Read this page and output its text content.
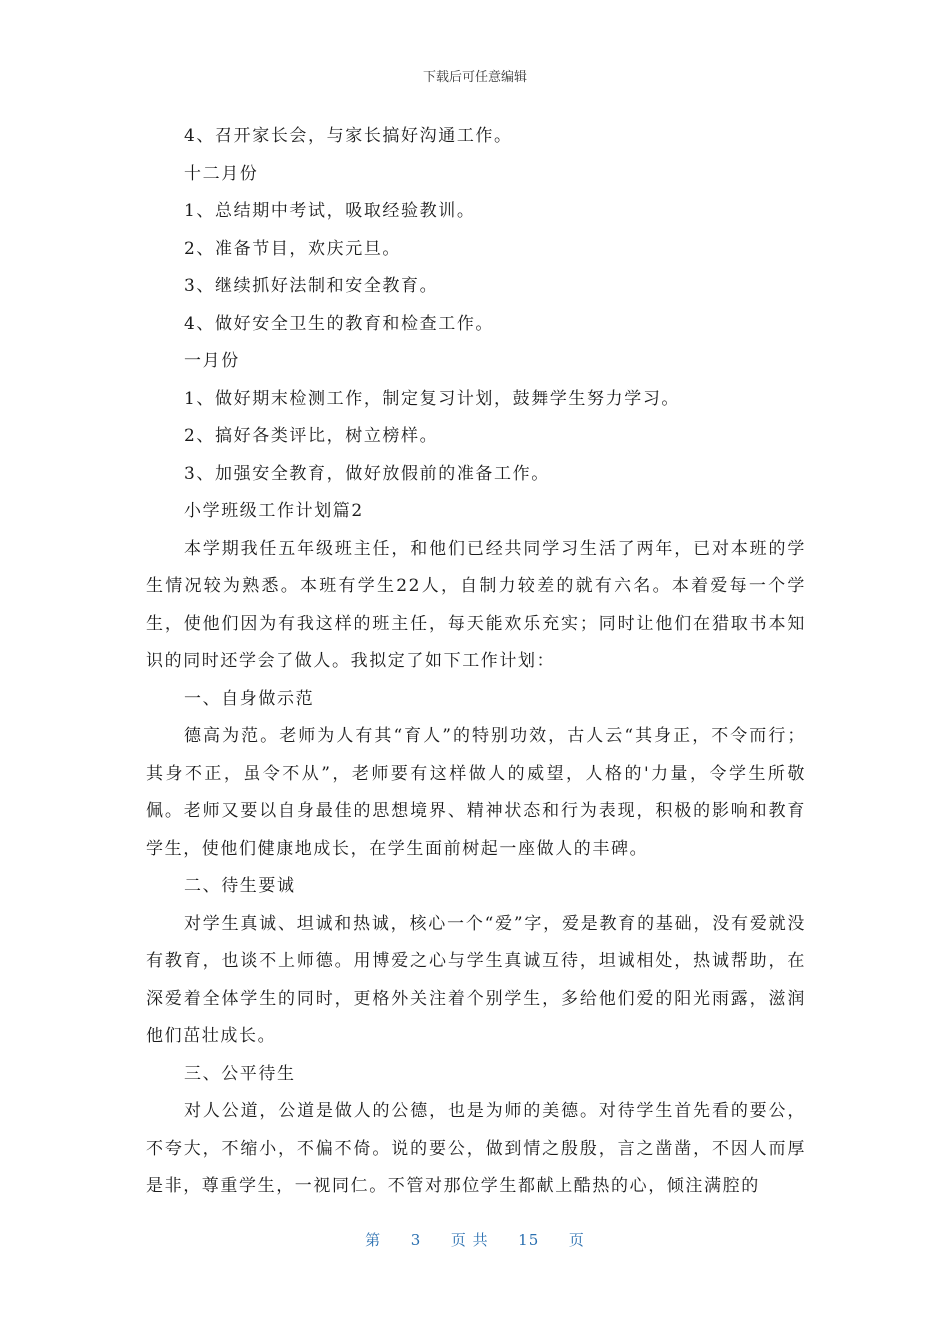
下载后可任意编辑
4、召开家长会，与家长搞好沟通工作。
十二月份
1、总结期中考试，吸取经验教训。
2、准备节目，欢庆元旦。
3、继续抓好法制和安全教育。
4、做好安全卫生的教育和检查工作。
一月份
1、做好期末检测工作，制定复习计划，鼓舞学生努力学习。
2、搞好各类评比，树立榜样。
3、加强安全教育，做好放假前的准备工作。
小学班级工作计划篇2

本学期我任五年级班主任，和他们已经共同学习生活了两年，已对本班的学生情况较为熟悉。本班有学生22人，自制力较差的就有六名。本着爱每一个学生，使他们因为有我这样的班主任，每天能欢乐充实；同时让他们在猎取书本知识的同时还学会了做人。我拟定了如下工作计划：

一、自身做示范

德高为范。老师为人有其“育人”的特别功效，古人云“其身正，不令而行；其身不正，虽令不从”，老师要有这样做人的威望，人格的'力量，令学生所敬佩。老师又要以自身最佳的思想境界、精神状态和行为表现，积极的影响和教育学生，使他们健康地成长，在学生面前树起一座做人的丰碑。

二、待生要诚

对学生真诚、坦诚和热诚，核心一个“爱”字，爱是教育的基础，没有爱就没有教育，也谈不上师德。用博爱之心与学生真诚互待，坦诚相处，热诚帮助，在深爱着全体学生的同时，更格外关注着个别学生，多给他们爱的阳光雨露，滋润他们茁壮成长。

三、公平待生

对人公道，公道是做人的公德，也是为师的美德。对待学生首先看的要公，不夸大，不缩小，不偏不倚。说的要公，做到情之殷殷，言之凿凿，不因人而厚是非，尊重学生，一视同仁。不管对那位学生都献上酷热的心，倾注满腔的

第 3 页 共 15 页
